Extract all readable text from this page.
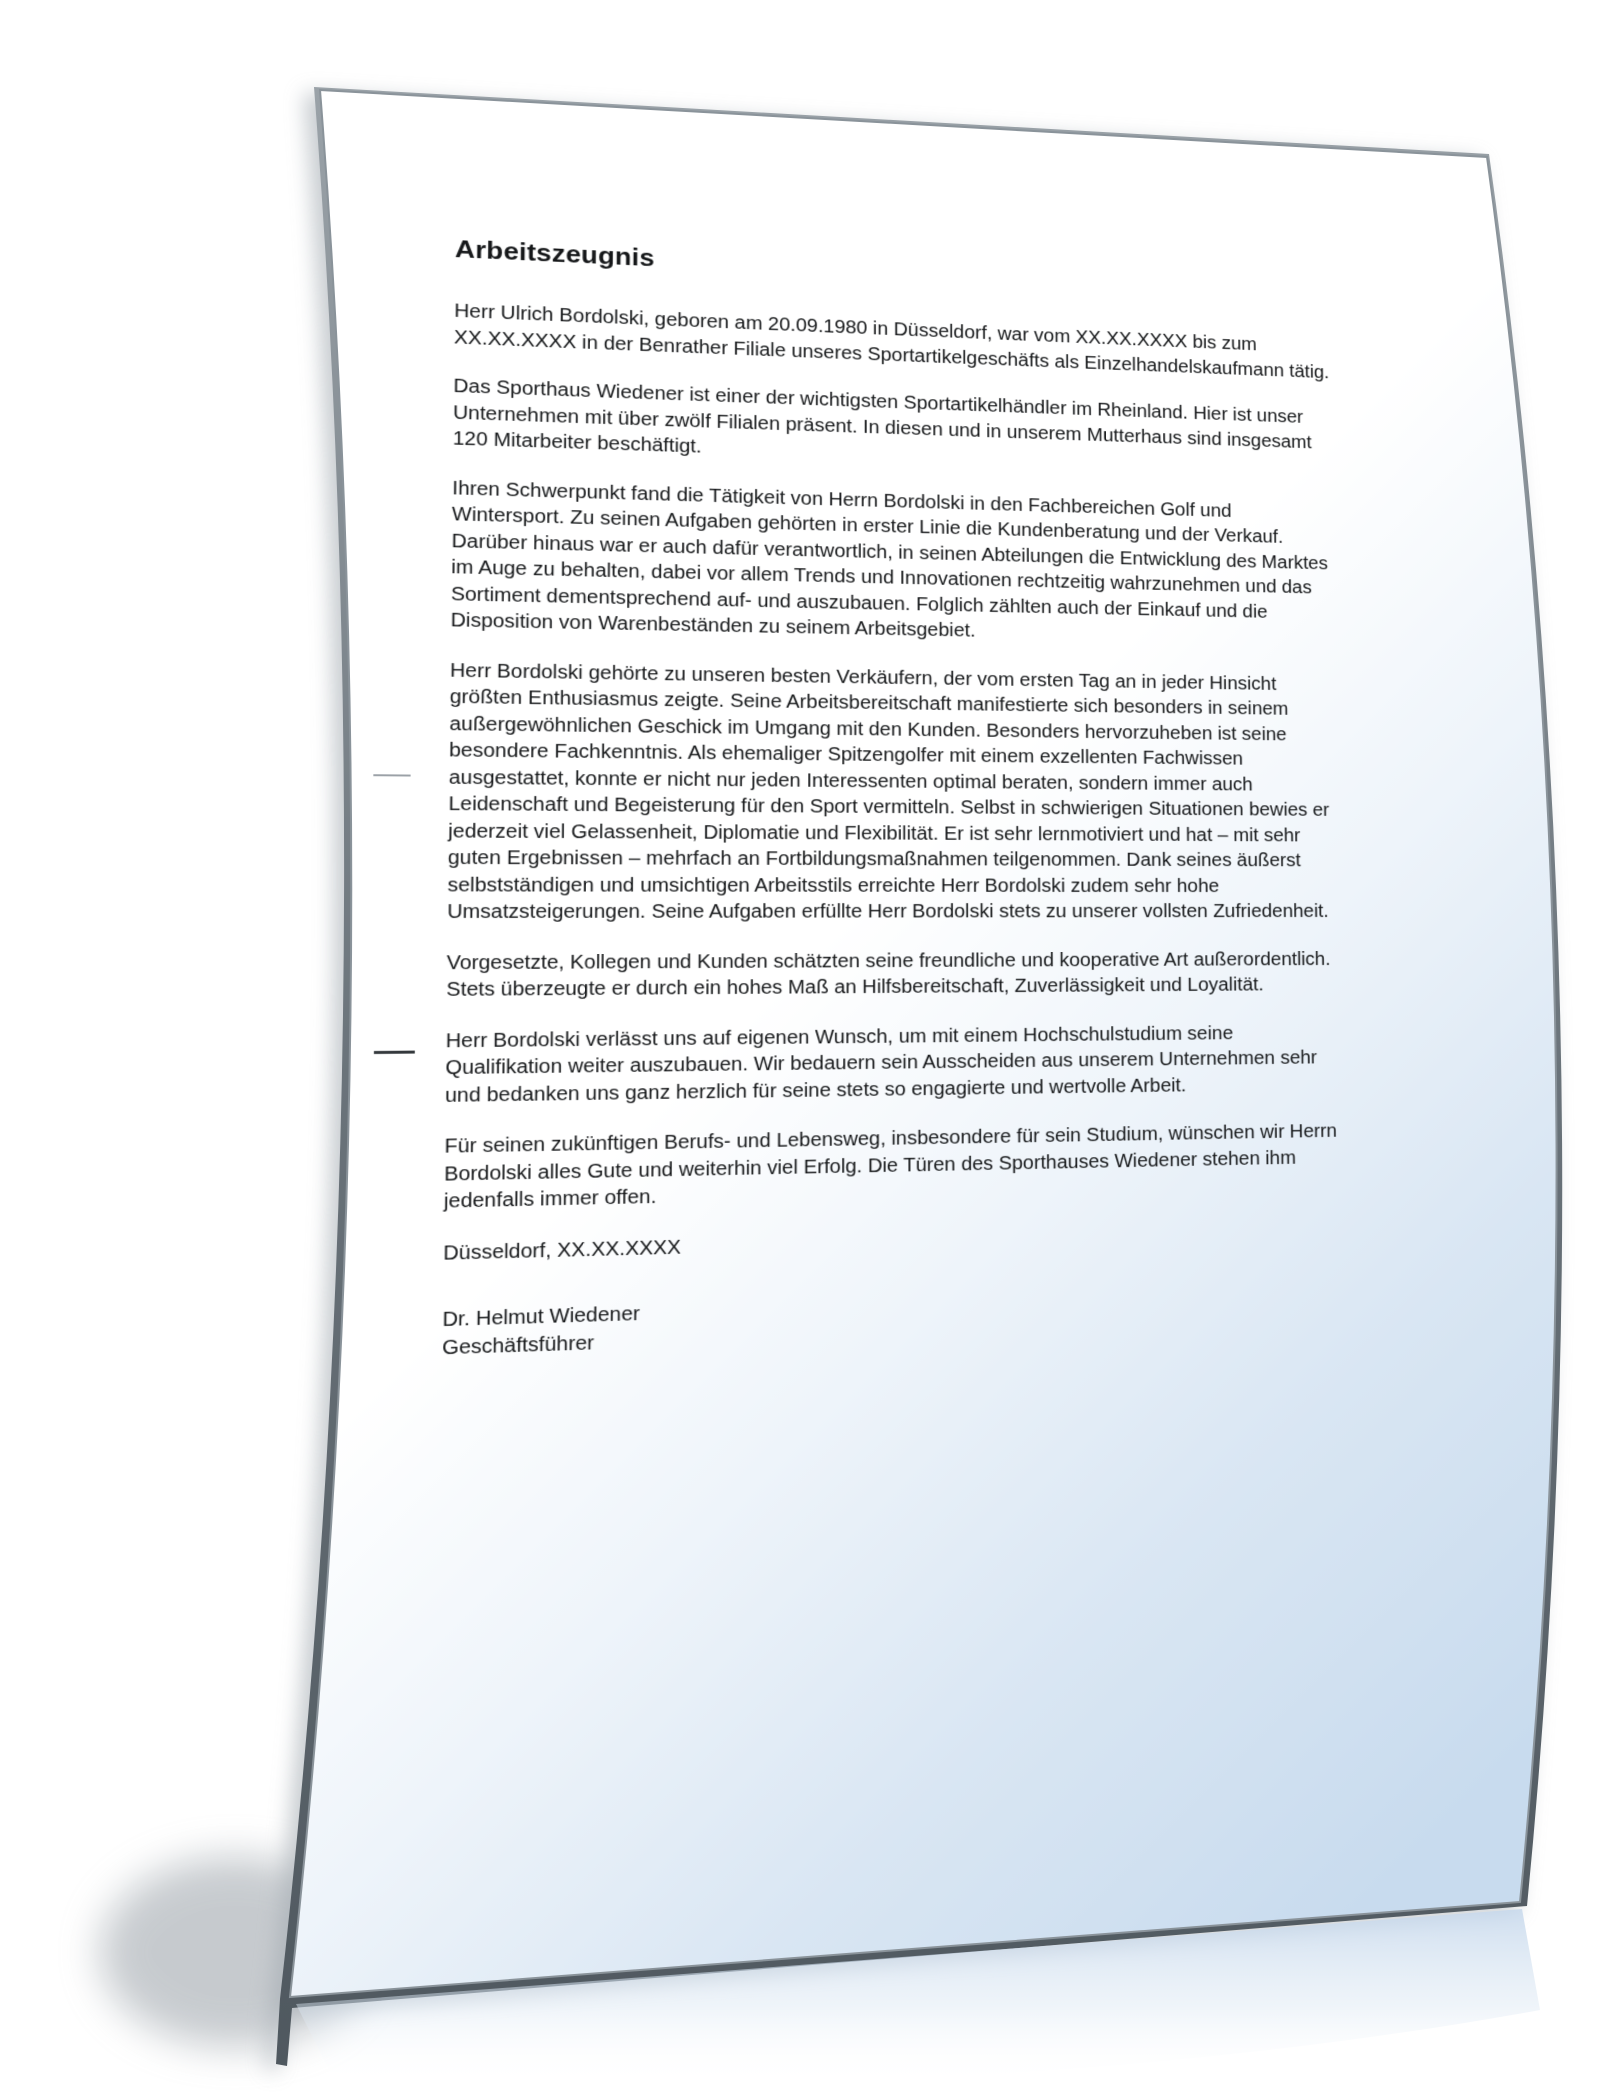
Arbeitszeugnis

Herr Ulrich Bordolski, geboren am 20.09.1980 in Düsseldorf, war vom XX.XX.XXXX bis zum XX.XX.XXXX in der Benrather Filiale unseres Sportartikelgeschäfts als Einzelhandelskaufmann tätig.

Das Sporthaus Wiedener ist einer der wichtigsten Sportartikelhändler im Rheinland. Hier ist unser Unternehmen mit über zwölf Filialen präsent. In diesen und in unserem Mutterhaus sind insgesamt 120 Mitarbeiter beschäftigt.

Ihren Schwerpunkt fand die Tätigkeit von Herrn Bordolski in den Fachbereichen Golf und Wintersport. Zu seinen Aufgaben gehörten in erster Linie die Kundenberatung und der Verkauf. Darüber hinaus war er auch dafür verantwortlich, in seinen Abteilungen die Entwicklung des Marktes im Auge zu behalten, dabei vor allem Trends und Innovationen rechtzeitig wahrzunehmen und das Sortiment dementsprechend auf- und auszubauen. Folglich zählten auch der Einkauf und die Disposition von Warenbeständen zu seinem Arbeitsgebiet.

Herr Bordolski gehörte zu unseren besten Verkäufern, der vom ersten Tag an in jeder Hinsicht größten Enthusiasmus zeigte. Seine Arbeitsbereitschaft manifestierte sich besonders in seinem außergewöhnlichen Geschick im Umgang mit den Kunden. Besonders hervorzuheben ist seine besondere Fachkenntnis. Als ehemaliger Spitzengolfer mit einem exzellenten Fachwissen ausgestattet, konnte er nicht nur jeden Interessenten optimal beraten, sondern immer auch Leidenschaft und Begeisterung für den Sport vermitteln. Selbst in schwierigen Situationen bewies er jederzeit viel Gelassenheit, Diplomatie und Flexibilität. Er ist sehr lernmotiviert und hat – mit sehr guten Ergebnissen – mehrfach an Fortbildungsmaßnahmen teilgenommen. Dank seines äußerst selbstständigen und umsichtigen Arbeitsstils erreichte Herr Bordolski zudem sehr hohe Umsatzsteigerungen. Seine Aufgaben erfüllte Herr Bordolski stets zu unserer vollsten Zufriedenheit.

Vorgesetzte, Kollegen und Kunden schätzten seine freundliche und kooperative Art außerordentlich. Stets überzeugte er durch ein hohes Maß an Hilfsbereitschaft, Zuverlässigkeit und Loyalität.

Herr Bordolski verlässt uns auf eigenen Wunsch, um mit einem Hochschulstudium seine Qualifikation weiter auszubauen. Wir bedauern sein Ausscheiden aus unserem Unternehmen sehr und bedanken uns ganz herzlich für seine stets so engagierte und wertvolle Arbeit.

Für seinen zukünftigen Berufs- und Lebensweg, insbesondere für sein Studium, wünschen wir Herrn Bordolski alles Gute und weiterhin viel Erfolg. Die Türen des Sporthauses Wiedener stehen ihm jedenfalls immer offen.

Düsseldorf, XX.XX.XXXX

Dr. Helmut Wiedener

Geschäftsführer
